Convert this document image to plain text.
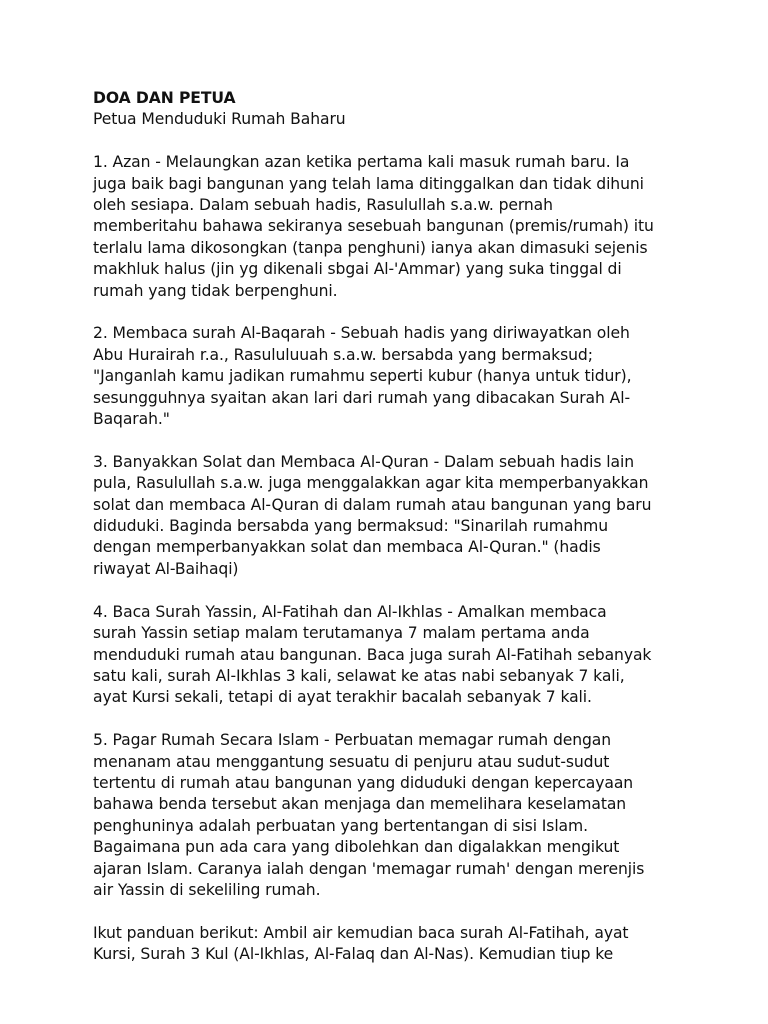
DOA DAN PETUA

Petua Menduduki Rumah Baharu

1. Azan - Melaungkan azan ketika pertama kali masuk rumah baru. Ia
juga baik bagi bangunan yang telah lama ditinggalkan dan tidak dihuni
oleh sesiapa. Dalam sebuah hadis, Rasulullah s.a.w. pernah
memberitahu bahawa sekiranya sesebuah bangunan (premis/rumah) itu
terlalu lama dikosongkan (tanpa penghuni) ianya akan dimasuki sejenis
makhluk halus (jin yg dikenali sbgai Al-'Ammar) yang suka tinggal di
rumah yang tidak berpenghuni.

2. Membaca surah Al-Baqarah - Sebuah hadis yang diriwayatkan oleh
Abu Hurairah r.a., Rasululuuah s.a.w. bersabda yang bermaksud;
"Janganlah kamu jadikan rumahmu seperti kubur (hanya untuk tidur),
sesungguhnya syaitan akan lari dari rumah yang dibacakan Surah Al-
Baqarah."

3. Banyakkan Solat dan Membaca Al-Quran - Dalam sebuah hadis lain
pula, Rasulullah s.a.w. juga menggalakkan agar kita memperbanyakkan
solat dan membaca Al-Quran di dalam rumah atau bangunan yang baru
diduduki. Baginda bersabda yang bermaksud: "Sinarilah rumahmu
dengan memperbanyakkan solat dan membaca Al-Quran." (hadis
riwayat Al-Baihaqi)

4. Baca Surah Yassin, Al-Fatihah dan Al-Ikhlas - Amalkan membaca
surah Yassin setiap malam terutamanya 7 malam pertama anda
menduduki rumah atau bangunan. Baca juga surah Al-Fatihah sebanyak
satu kali, surah Al-Ikhlas 3 kali, selawat ke atas nabi sebanyak 7 kali,
ayat Kursi sekali, tetapi di ayat terakhir bacalah sebanyak 7 kali.

5. Pagar Rumah Secara Islam - Perbuatan memagar rumah dengan
menanam atau menggantung sesuatu di penjuru atau sudut-sudut
tertentu di rumah atau bangunan yang diduduki dengan kepercayaan
bahawa benda tersebut akan menjaga dan memelihara keselamatan
penghuninya adalah perbuatan yang bertentangan di sisi Islam.
Bagaimana pun ada cara yang dibolehkan dan digalakkan mengikut
ajaran Islam. Caranya ialah dengan 'memagar rumah' dengan merenjis
air Yassin di sekeliling rumah.

Ikut panduan berikut: Ambil air kemudian baca surah Al-Fatihah, ayat
Kursi, Surah 3 Kul (Al-Ikhlas, Al-Falaq dan Al-Nas). Kemudian tiup ke
